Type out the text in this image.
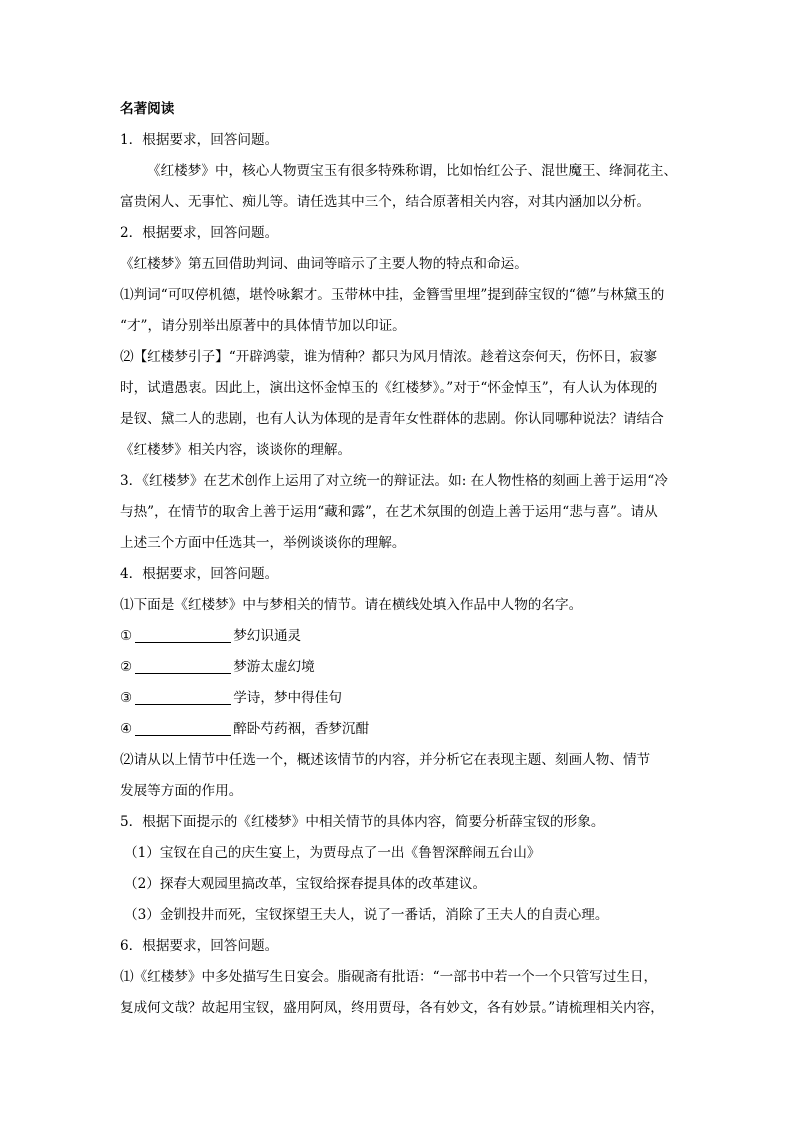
名著阅读
1．根据要求，回答问题。
《红楼梦》中，核心人物贾宝玉有很多特殊称谓，比如怡红公子、混世魔王、绛洞花主、
富贵闲人、无事忙、痴儿等。请任选其中三个，结合原著相关内容，对其内涵加以分析。
2．根据要求，回答问题。
《红楼梦》第五回借助判词、曲词等暗示了主要人物的特点和命运。
⑴判词“可叹停机德，堪怜咏絮才。玉带林中挂，金簪雪里埋”提到薛宝钗的“德”与林黛玉的
“才”，请分别举出原著中的具体情节加以印证。
⑵【红楼梦引子】“开辟鸿蒙，谁为情种？都只为风月情浓。趁着这奈何天，伤怀日，寂寥
时，试遣愚衷。因此上，演出这怀金悼玉的《红楼梦》。”对于“怀金悼玉”，有人认为体现的
是钗、黛二人的悲剧，也有人认为体现的是青年女性群体的悲剧。你认同哪种说法？请结合
《红楼梦》相关内容，谈谈你的理解。
3．《红楼梦》在艺术创作上运用了对立统一的辩证法。如: 在人物性格的刻画上善于运用“冷
与热”，在情节的取舍上善于运用“藏和露”，在艺术氛围的创造上善于运用“悲与喜”。请从
上述三个方面中任选其一，举例谈谈你的理解。
4．根据要求，回答问题。
⑴下面是《红楼梦》中与梦相关的情节。请在横线处填入作品中人物的名字。
①	梦幻识通灵
②	梦游太虚幻境
③	学诗，梦中得佳句
④	醉卧芍药裀，香梦沉酣
⑵请从以上情节中任选一个，概述该情节的内容，并分析它在表现主题、刻画人物、情节
发展等方面的作用。
5．根据下面提示的《红楼梦》中相关情节的具体内容，简要分析薛宝钗的形象。
（1）宝钗在自己的庆生宴上，为贾母点了一出《鲁智深醉闹五台山》
（2）探春大观园里搞改革，宝钗给探春提具体的改革建议。
（3）金钏投井而死，宝钗探望王夫人，说了一番话，消除了王夫人的自责心理。
6．根据要求，回答问题。
⑴《红楼梦》中多处描写生日宴会。脂砚斋有批语：“一部书中若一个一个只管写过生日，
复成何文哉？故起用宝钗，盛用阿凤，终用贾母，各有妙文，各有妙景。”请梳理相关内容，
